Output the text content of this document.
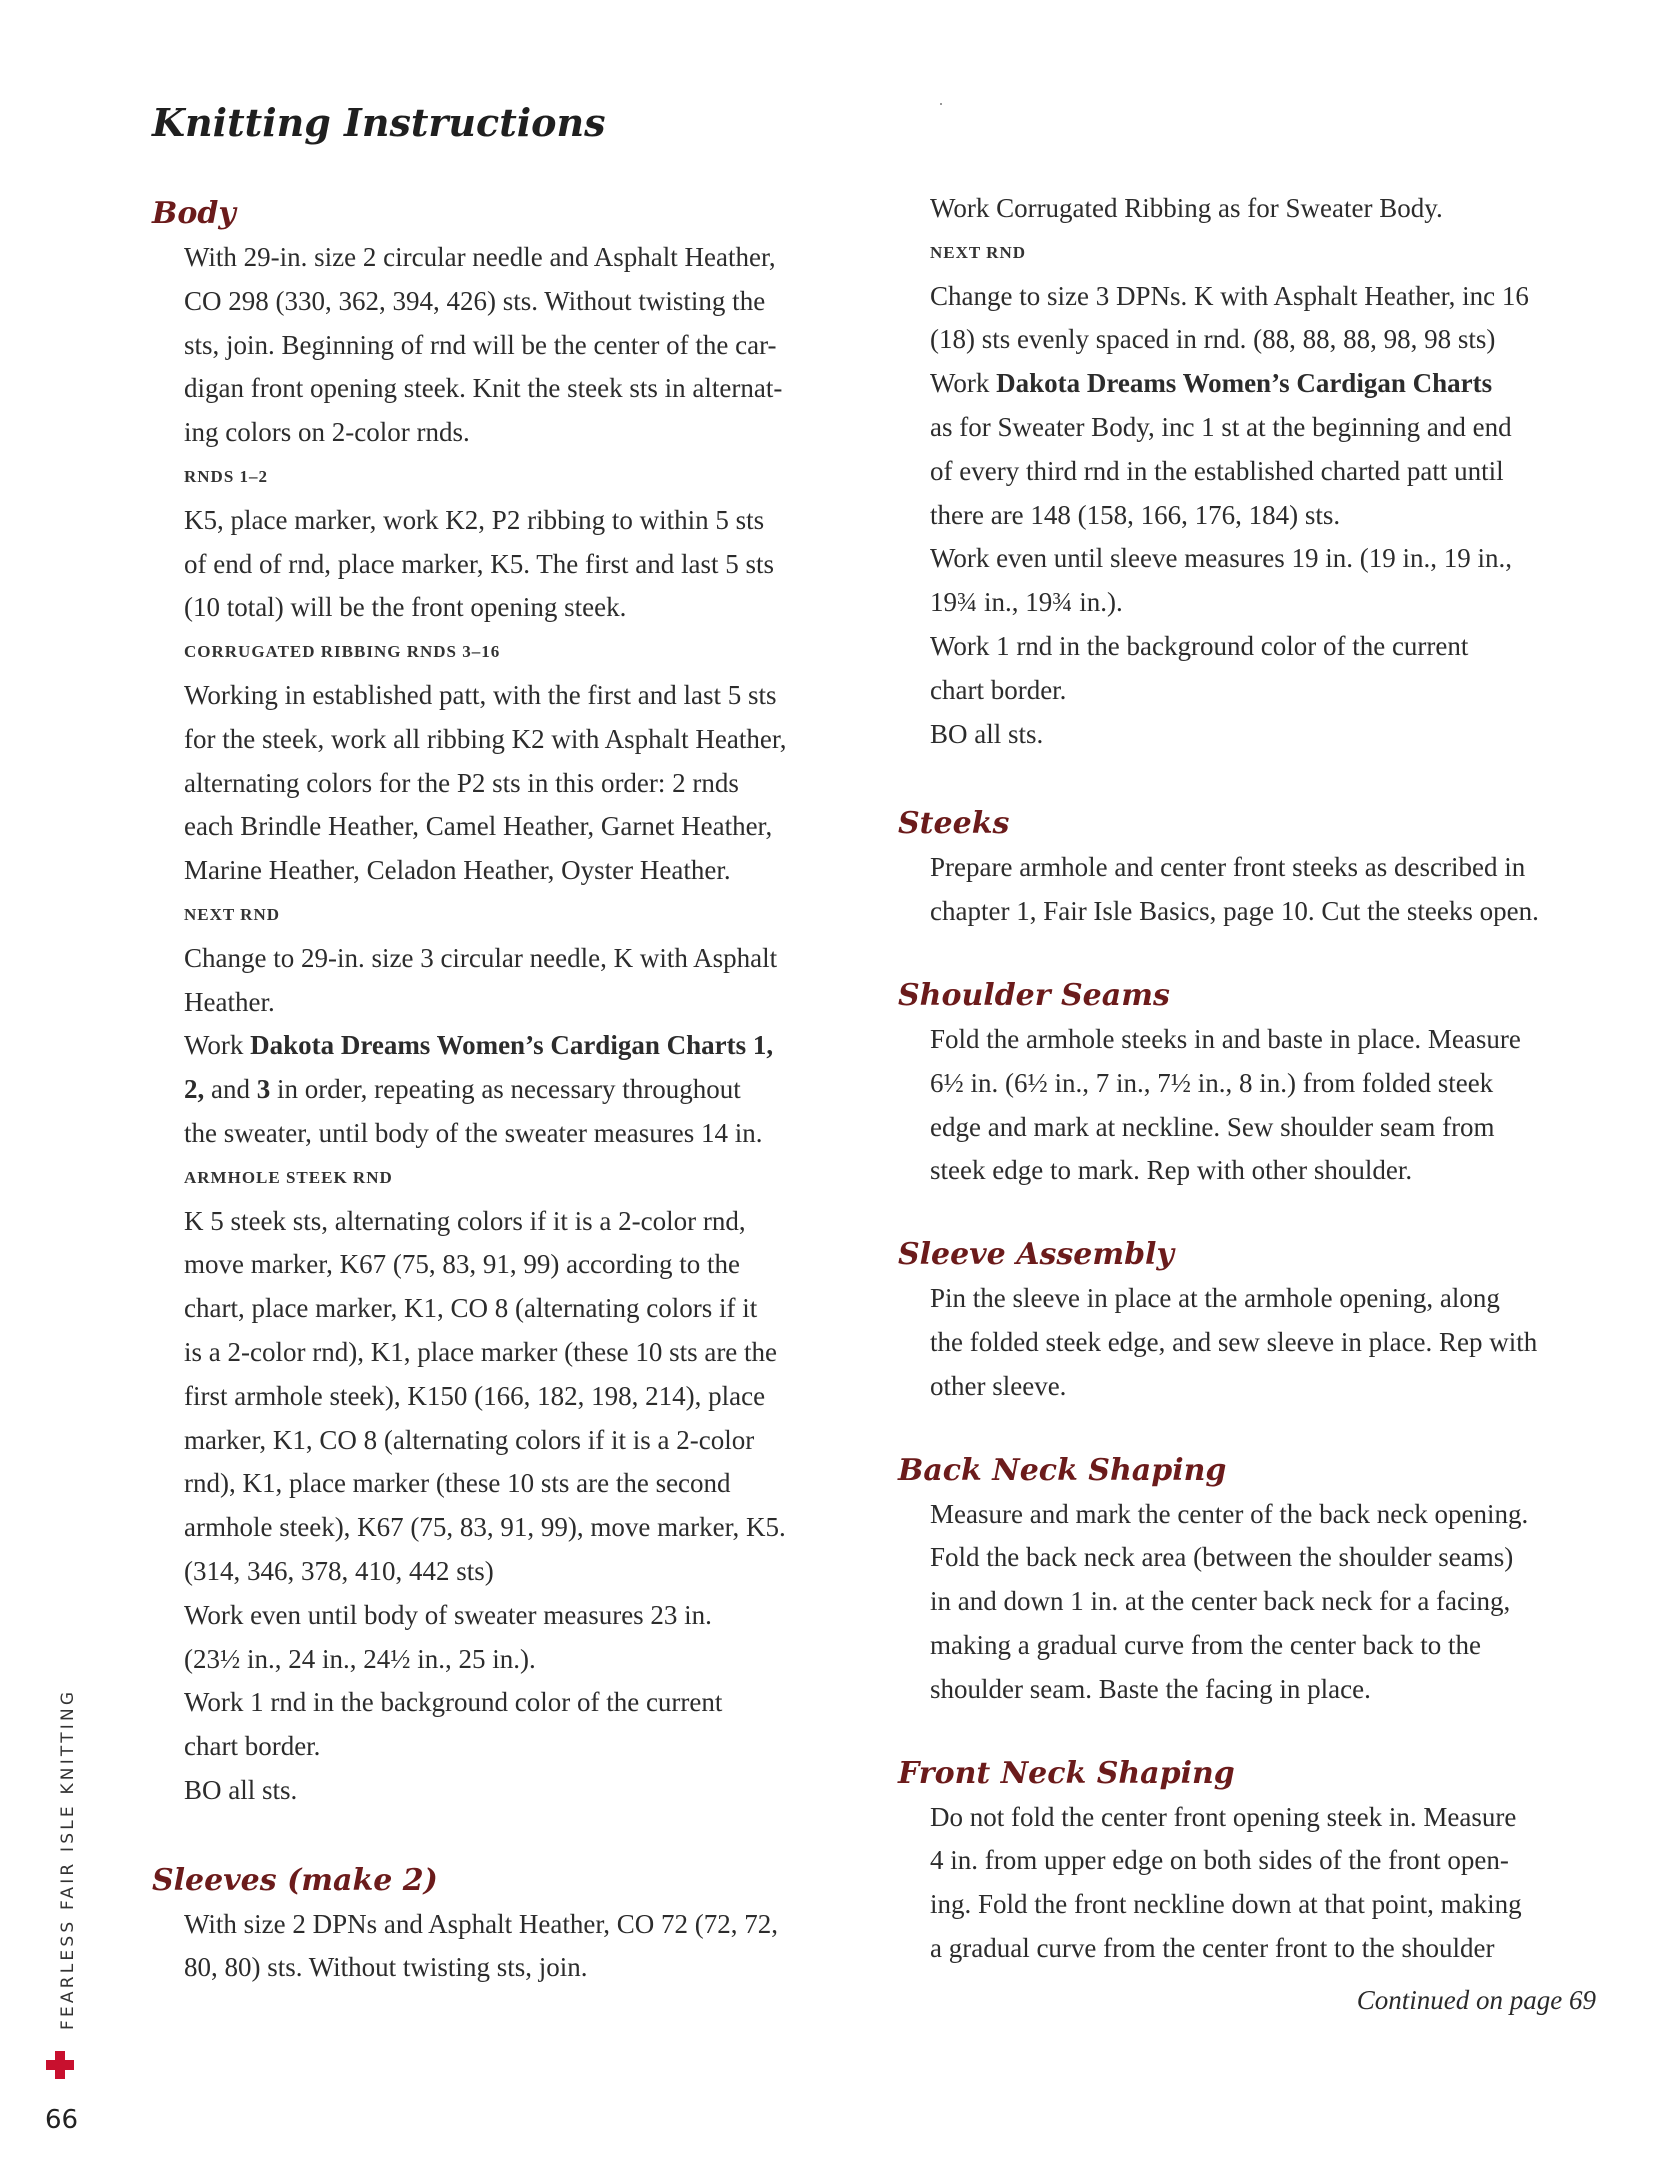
Knitting Instructions
Body
With 29-in. size 2 circular needle and Asphalt Heather,
CO 298 (330, 362, 394, 426) sts. Without twisting the
sts, join. Beginning of rnd will be the center of the car-
digan front opening steek. Knit the steek sts in alternat-
ing colors on 2-color rnds.
RNDS 1–2
K5, place marker, work K2, P2 ribbing to within 5 sts
of end of rnd, place marker, K5. The first and last 5 sts
(10 total) will be the front opening steek.
CORRUGATED RIBBING RNDS 3–16
Working in established patt, with the first and last 5 sts
for the steek, work all ribbing K2 with Asphalt Heather,
alternating colors for the P2 sts in this order: 2 rnds
each Brindle Heather, Camel Heather, Garnet Heather,
Marine Heather, Celadon Heather, Oyster Heather.
NEXT RND
Change to 29-in. size 3 circular needle, K with Asphalt
Heather.
Work Dakota Dreams Women’s Cardigan Charts 1,
2, and 3 in order, repeating as necessary throughout
the sweater, until body of the sweater measures 14 in.
ARMHOLE STEEK RND
K 5 steek sts, alternating colors if it is a 2-color rnd,
move marker, K67 (75, 83, 91, 99) according to the
chart, place marker, K1, CO 8 (alternating colors if it
is a 2-color rnd), K1, place marker (these 10 sts are the
first armhole steek), K150 (166, 182, 198, 214), place
marker, K1, CO 8 (alternating colors if it is a 2-color
rnd), K1, place marker (these 10 sts are the second
armhole steek), K67 (75, 83, 91, 99), move marker, K5.
(314, 346, 378, 410, 442 sts)
Work even until body of sweater measures 23 in.
(23½ in., 24 in., 24½ in., 25 in.).
Work 1 rnd in the background color of the current
chart border.
BO all sts.
Sleeves (make 2)
With size 2 DPNs and Asphalt Heather, CO 72 (72, 72,
80, 80) sts. Without twisting sts, join.
Work Corrugated Ribbing as for Sweater Body.
NEXT RND
Change to size 3 DPNs. K with Asphalt Heather, inc 16
(18) sts evenly spaced in rnd. (88, 88, 88, 98, 98 sts)
Work Dakota Dreams Women’s Cardigan Charts
as for Sweater Body, inc 1 st at the beginning and end
of every third rnd in the established charted patt until
there are 148 (158, 166, 176, 184) sts.
Work even until sleeve measures 19 in. (19 in., 19 in.,
19¾ in., 19¾ in.).
Work 1 rnd in the background color of the current
chart border.
BO all sts.
Steeks
Prepare armhole and center front steeks as described in
chapter 1, Fair Isle Basics, page 10. Cut the steeks open.
Shoulder Seams
Fold the armhole steeks in and baste in place. Measure
6½ in. (6½ in., 7 in., 7½ in., 8 in.) from folded steek
edge and mark at neckline. Sew shoulder seam from
steek edge to mark. Rep with other shoulder.
Sleeve Assembly
Pin the sleeve in place at the armhole opening, along
the folded steek edge, and sew sleeve in place. Rep with
other sleeve.
Back Neck Shaping
Measure and mark the center of the back neck opening.
Fold the back neck area (between the shoulder seams)
in and down 1 in. at the center back neck for a facing,
making a gradual curve from the center back to the
shoulder seam. Baste the facing in place.
Front Neck Shaping
Do not fold the center front opening steek in. Measure
4 in. from upper edge on both sides of the front open-
ing. Fold the front neckline down at that point, making
a gradual curve from the center front to the shoulder

Continued on page 69

FEARLESS FAIR ISLE KNITTING
66
